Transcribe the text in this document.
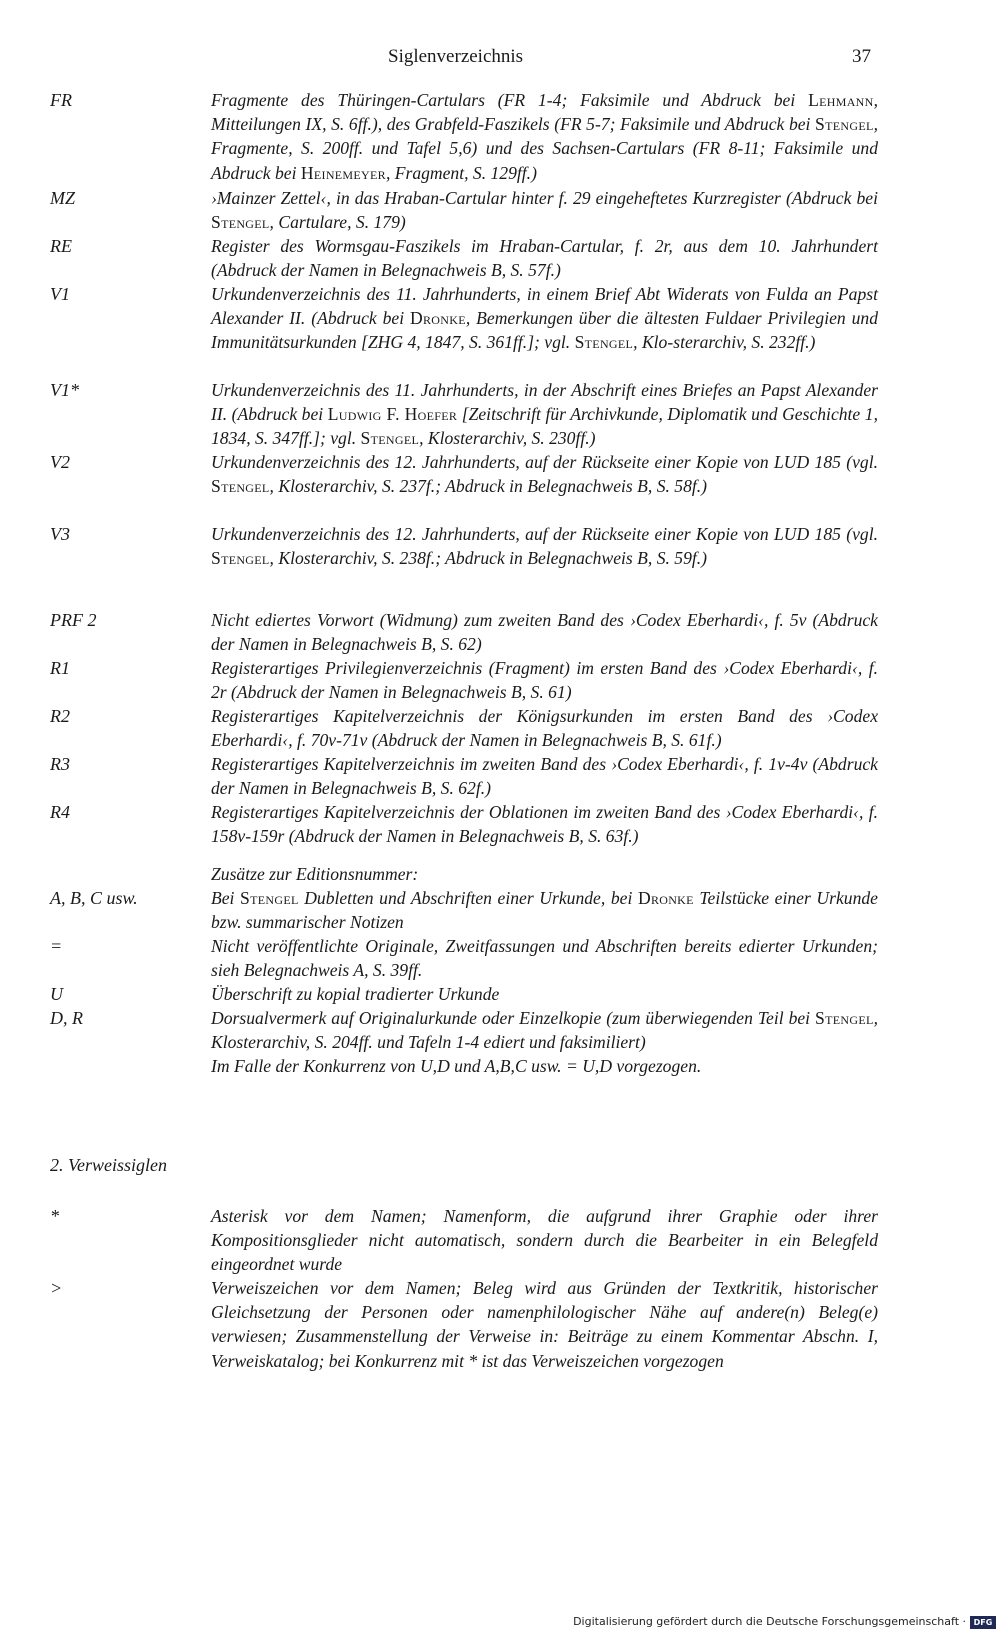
Siglenverzeichnis	37
FR	Fragmente des Thüringen-Cartulars (FR 1-4; Faksimile und Abdruck bei Lehmann, Mitteilungen IX, S. 6ff.), des Grabfeld-Faszikels (FR 5-7; Faksimile und Abdruck bei Stengel, Fragmente, S. 200ff. und Tafel 5,6) und des Sachsen-Cartulars (FR 8-11; Faksimile und Abdruck bei Heinemeyer, Fragment, S. 129ff.)
MZ	›Mainzer Zettel‹, in das Hraban-Cartular hinter f. 29 eingeheftetes Kurzregister (Abdruck bei Stengel, Cartulare, S. 179)
RE	Register des Wormsgau-Faszikels im Hraban-Cartular, f. 2r, aus dem 10. Jahrhundert (Abdruck der Namen in Belegnachweis B, S. 57f.)
V1	Urkundenverzeichnis des 11. Jahrhunderts, in einem Brief Abt Widerats von Fulda an Papst Alexander II. (Abdruck bei Dronke, Bemerkungen über die ältesten Fuldaer Privilegien und Immunitätsurkunden [ZHG 4, 1847, S. 361ff.]; vgl. Stengel, Klo-sterarchiv, S. 232ff.)
V1*	Urkundenverzeichnis des 11. Jahrhunderts, in der Abschrift eines Briefes an Papst Alexander II. (Abdruck bei Ludwig F. Hoefer [Zeitschrift für Archivkunde, Diplomatik und Geschichte 1, 1834, S. 347ff.]; vgl. Stengel, Klosterarchiv, S. 230ff.)
V2	Urkundenverzeichnis des 12. Jahrhunderts, auf der Rückseite einer Kopie von LUD 185 (vgl. Stengel, Klosterarchiv, S. 237f.; Abdruck in Belegnachweis B, S. 58f.)
V3	Urkundenverzeichnis des 12. Jahrhunderts, auf der Rückseite einer Kopie von LUD 185 (vgl. Stengel, Klosterarchiv, S. 238f.; Abdruck in Belegnachweis B, S. 59f.)
PRF 2	Nicht ediertes Vorwort (Widmung) zum zweiten Band des ›Codex Eberhardi‹, f. 5v (Abdruck der Namen in Belegnachweis B, S. 62)
R1	Registerartiges Privilegienverzeichnis (Fragment) im ersten Band des ›Codex Eberhardi‹, f. 2r (Abdruck der Namen in Belegnachweis B, S. 61)
R2	Registerartiges Kapitelverzeichnis der Königsurkunden im ersten Band des ›Codex Eberhardi‹, f. 70v-71v (Abdruck der Namen in Belegnachweis B, S. 61f.)
R3	Registerartiges Kapitelverzeichnis im zweiten Band des ›Codex Eberhardi‹, f. 1v-4v (Abdruck der Namen in Belegnachweis B, S. 62f.)
R4	Registerartiges Kapitelverzeichnis der Oblationen im zweiten Band des ›Codex Eberhardi‹, f. 158v-159r (Abdruck der Namen in Belegnachweis B, S. 63f.)
Zusätze zur Editionsnummer:
A, B, C usw.	Bei Stengel Dubletten und Abschriften einer Urkunde, bei Dronke Teilstücke einer Urkunde bzw. summarischer Notizen
=	Nicht veröffentlichte Originale, Zweitfassungen und Abschriften bereits edierter Urkunden; sieh Belegnachweis A, S. 39ff.
U	Überschrift zu kopial tradierter Urkunde
D, R	Dorsualvermerk auf Originalurkunde oder Einzelkopie (zum überwiegenden Teil bei Stengel, Klosterarchiv, S. 204ff. und Tafeln 1-4 ediert und faksimiliert)
Im Falle der Konkurrenz von U,D und A,B,C usw. = U,D vorgezogen.
2. Verweissiglen
*	Asterisk vor dem Namen; Namenform, die aufgrund ihrer Graphie oder ihrer Kompositionsglieder nicht automatisch, sondern durch die Bearbeiter in ein Belegfeld eingeordnet wurde
>	Verweiszeichen vor dem Namen; Beleg wird aus Gründen der Textkritik, historischer Gleichsetzung der Personen oder namenphilologischer Nähe auf andere(n) Beleg(e) verwiesen; Zusammenstellung der Verweise in: Beiträge zu einem Kommentar Abschn. I, Verweiskatalog; bei Konkurrenz mit * ist das Verweiszeichen vorgezogen
Digitalisierung gefördert durch die Deutsche Forschungsgemeinschaft · DFG
